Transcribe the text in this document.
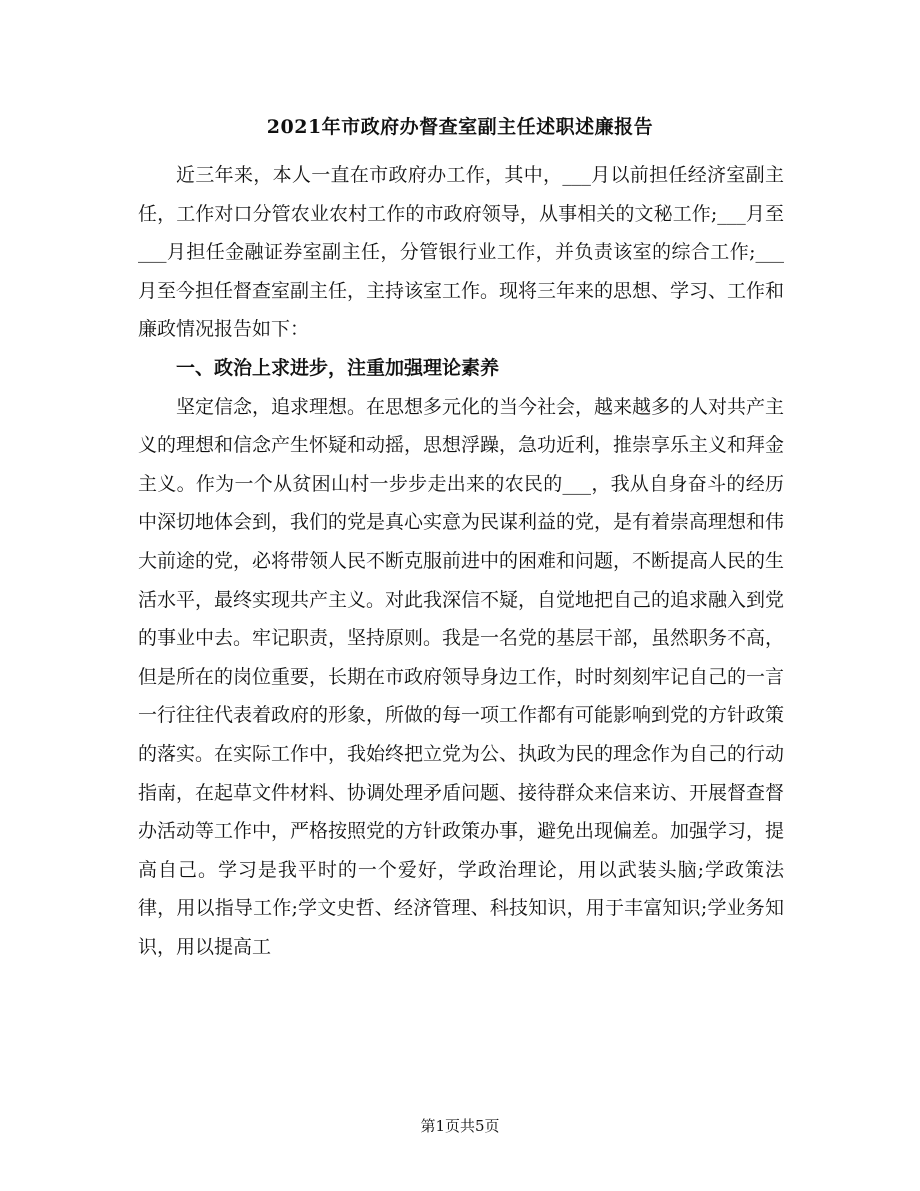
2021年市政府办督查室副主任述职述廉报告

近三年来，本人一直在市政府办工作，其中，___月以前担任经济室副主任，工作对口分管农业农村工作的市政府领导，从事相关的文秘工作;___月至___月担任金融证券室副主任，分管银行业工作，并负责该室的综合工作;___月至今担任督查室副主任，主持该室工作。现将三年来的思想、学习、工作和廉政情况报告如下：

一、政治上求进步，注重加强理论素养

坚定信念，追求理想。在思想多元化的当今社会，越来越多的人对共产主义的理想和信念产生怀疑和动摇，思想浮躁，急功近利，推崇享乐主义和拜金主义。作为一个从贫困山村一步步走出来的农民的___，我从自身奋斗的经历中深切地体会到，我们的党是真心实意为民谋利益的党，是有着崇高理想和伟大前途的党，必将带领人民不断克服前进中的困难和问题，不断提高人民的生活水平，最终实现共产主义。对此我深信不疑，自觉地把自己的追求融入到党的事业中去。牢记职责，坚持原则。我是一名党的基层干部，虽然职务不高，但是所在的岗位重要，长期在市政府领导身边工作，时时刻刻牢记自己的一言一行往往代表着政府的形象，所做的每一项工作都有可能影响到党的方针政策的落实。在实际工作中，我始终把立党为公、执政为民的理念作为自己的行动指南，在起草文件材料、协调处理矛盾问题、接待群众来信来访、开展督查督办活动等工作中，严格按照党的方针政策办事，避免出现偏差。加强学习，提高自己。学习是我平时的一个爱好，学政治理论，用以武装头脑;学政策法律，用以指导工作;学文史哲、经济管理、科技知识，用于丰富知识;学业务知识，用以提高工

第1页共5页
